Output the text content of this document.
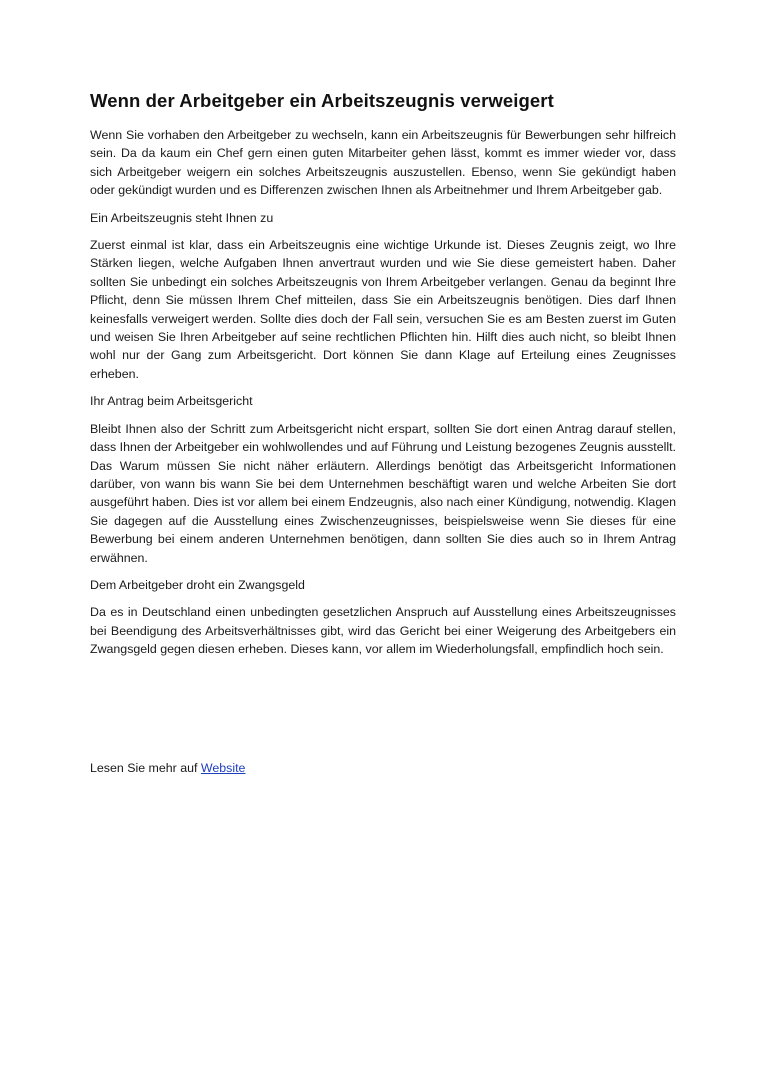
Wenn der Arbeitgeber ein Arbeitszeugnis verweigert

Wenn Sie vorhaben den Arbeitgeber zu wechseln, kann ein Arbeitszeugnis für Bewerbungen sehr hilfreich sein. Da da kaum ein Chef gern einen guten Mitarbeiter gehen lässt, kommt es immer wieder vor, dass sich Arbeitgeber weigern ein solches Arbeitszeugnis auszustellen. Ebenso, wenn Sie gekündigt haben oder gekündigt wurden und es Differenzen zwischen Ihnen als Arbeitnehmer und Ihrem Arbeitgeber gab.

Ein Arbeitszeugnis steht Ihnen zu

Zuerst einmal ist klar, dass ein Arbeitszeugnis eine wichtige Urkunde ist. Dieses Zeugnis zeigt, wo Ihre Stärken liegen, welche Aufgaben Ihnen anvertraut wurden und wie Sie diese gemeistert haben. Daher sollten Sie unbedingt ein solches Arbeitszeugnis von Ihrem Arbeitgeber verlangen. Genau da beginnt Ihre Pflicht, denn Sie müssen Ihrem Chef mitteilen, dass Sie ein Arbeitszeugnis benötigen. Dies darf Ihnen keinesfalls verweigert werden. Sollte dies doch der Fall sein, versuchen Sie es am Besten zuerst im Guten und weisen Sie Ihren Arbeitgeber auf seine rechtlichen Pflichten hin. Hilft dies auch nicht, so bleibt Ihnen wohl nur der Gang zum Arbeitsgericht. Dort können Sie dann Klage auf Erteilung eines Zeugnisses erheben.

Ihr Antrag beim Arbeitsgericht

Bleibt Ihnen also der Schritt zum Arbeitsgericht nicht erspart, sollten Sie dort einen Antrag darauf stellen, dass Ihnen der Arbeitgeber ein wohlwollendes und auf Führung und Leistung bezogenes Zeugnis ausstellt. Das Warum müssen Sie nicht näher erläutern. Allerdings benötigt das Arbeitsgericht Informationen darüber, von wann bis wann Sie bei dem Unternehmen beschäftigt waren und welche Arbeiten Sie dort ausgeführt haben. Dies ist vor allem bei einem Endzeugnis, also nach einer Kündigung, notwendig. Klagen Sie dagegen auf die Ausstellung eines Zwischenzeugnisses, beispielsweise wenn Sie dieses für eine Bewerbung bei einem anderen Unternehmen benötigen, dann sollten Sie dies auch so in Ihrem Antrag erwähnen.

Dem Arbeitgeber droht ein Zwangsgeld

Da es in Deutschland einen unbedingten gesetzlichen Anspruch auf Ausstellung eines Arbeitszeugnisses bei Beendigung des Arbeitsverhältnisses gibt, wird das Gericht bei einer Weigerung des Arbeitgebers ein Zwangsgeld gegen diesen erheben. Dieses kann, vor allem im Wiederholungsfall, empfindlich hoch sein.

Lesen Sie mehr auf Website
